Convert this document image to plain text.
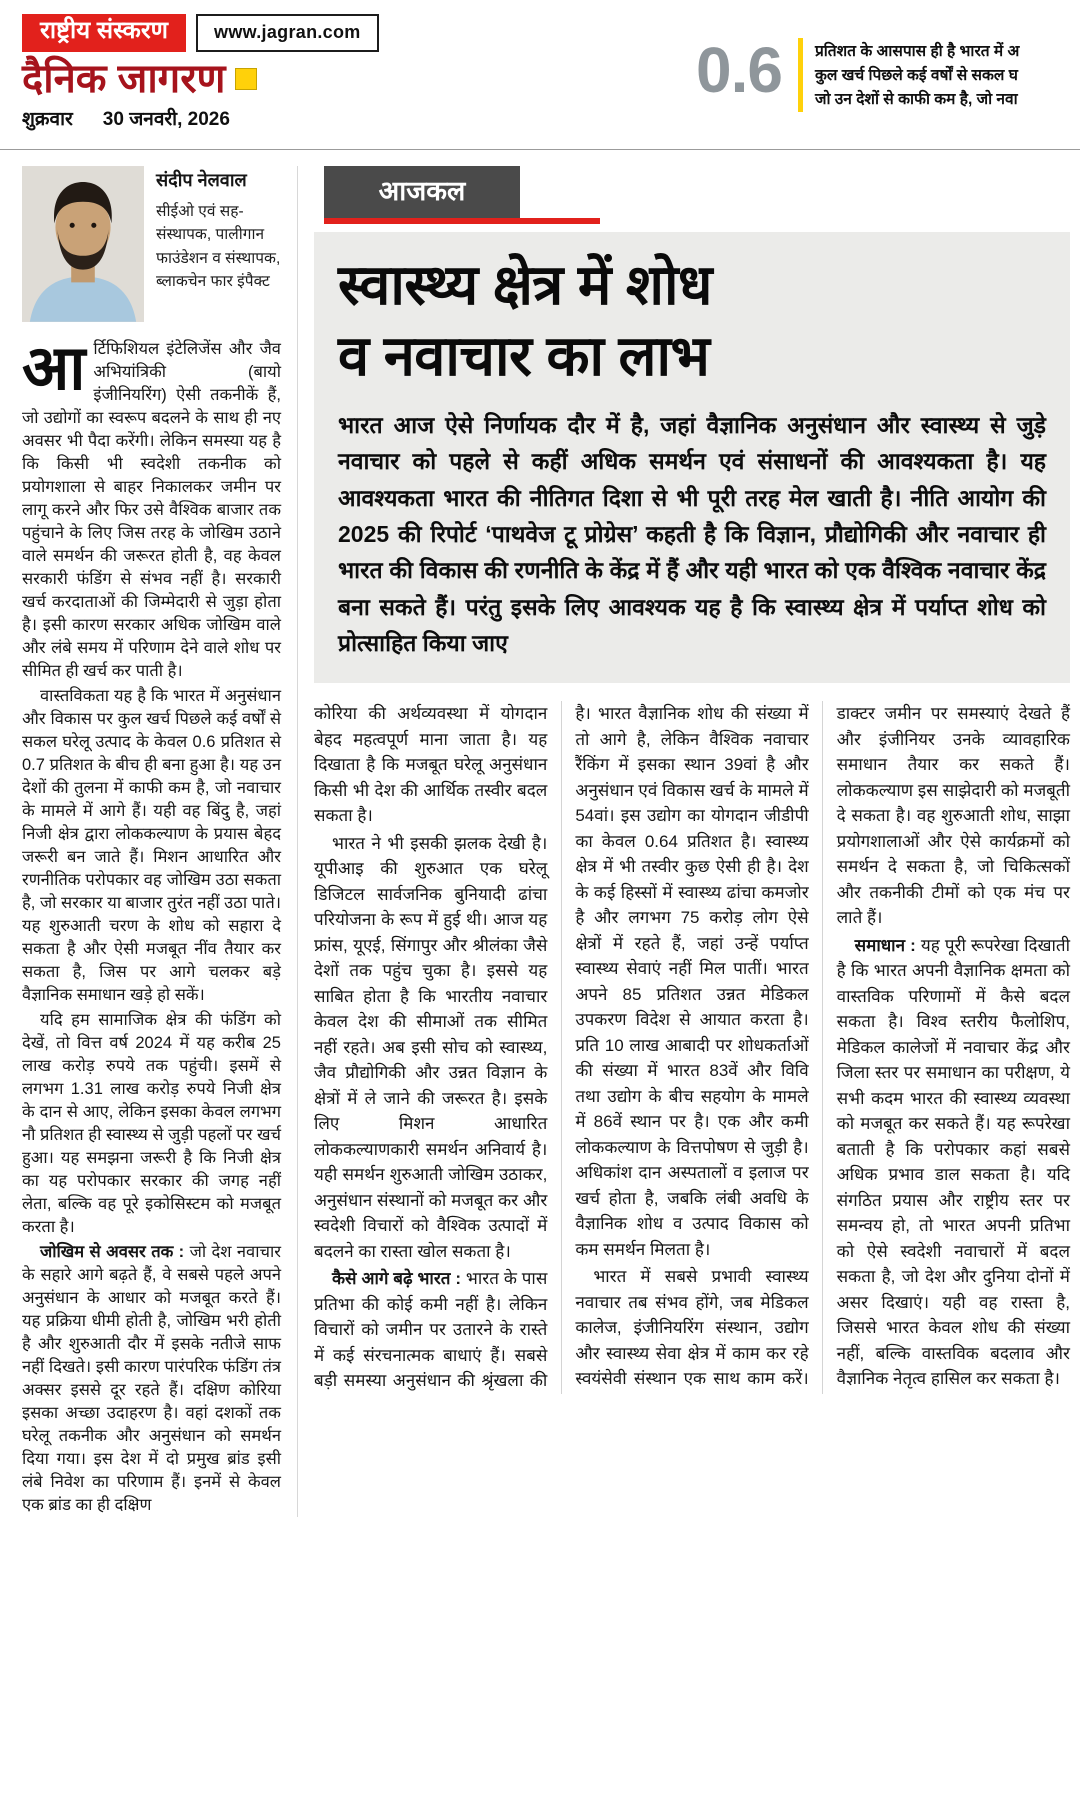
राष्ट्रीय संस्करण	www.jagran.com
दैनिक जागरण
शुक्रवार 30 जनवरी, 2026
0.6 प्रतिशत के आसपास ही है भारत में अ
कुल खर्च पिछले कई वर्षों से सकल घ
जो उन देशों से काफी कम है, जो नवा
संदीप नेलवाल
सीईओ एवं सह-संस्थापक, पालीगान फाउंडेशन व संस्थापक, ब्लाकचेन फार इंपैक्ट

आर्टिफिशियल इंटेलिजेंस और जैव अभियांत्रिकी (बायो इंजीनियरिंग) ऐसी तकनीकें हैं, जो उद्योगों का स्वरूप बदलने के साथ ही नए अवसर भी पैदा करेंगी। लेकिन समस्या यह है कि किसी भी स्वदेशी तकनीक को प्रयोगशाला से बाहर निकालकर जमीन पर लागू करने और फिर उसे वैश्विक बाजार तक पहुंचाने के लिए जिस तरह के जोखिम उठाने वाले समर्थन की जरूरत होती है, वह केवल सरकारी फंडिंग से संभव नहीं है। सरकारी खर्च करदाताओं की जिम्मेदारी से जुड़ा होता है। इसी कारण सरकार अधिक जोखिम वाले और लंबे समय में परिणाम देने वाले शोध पर सीमित ही खर्च कर पाती है।

वास्तविकता यह है कि भारत में अनुसंधान और विकास पर कुल खर्च पिछले कई वर्षों से सकल घरेलू उत्पाद के केवल 0.6 प्रतिशत से 0.7 प्रतिशत के बीच ही बना हुआ है। यह उन देशों की तुलना में काफी कम है, जो नवाचार के मामले में आगे हैं। यही वह बिंदु है, जहां निजी क्षेत्र द्वारा लोककल्याण के प्रयास बेहद जरूरी बन जाते हैं। मिशन आधारित और रणनीतिक परोपकार वह जोखिम उठा सकता है, जो सरकार या बाजार तुरंत नहीं उठा पाते। यह शुरुआती चरण के शोध को सहारा दे सकता है और ऐसी मजबूत नींव तैयार कर सकता है, जिस पर आगे चलकर बड़े वैज्ञानिक समाधान खड़े हो सकें।

यदि हम सामाजिक क्षेत्र की फंडिंग को देखें, तो वित्त वर्ष 2024 में यह करीब 25 लाख करोड़ रुपये तक पहुंची। इसमें से लगभग 1.31 लाख करोड़ रुपये निजी क्षेत्र के दान से आए, लेकिन इसका केवल लगभग नौ प्रतिशत ही स्वास्थ्य से जुड़ी पहलों पर खर्च हुआ। यह समझना जरूरी है कि निजी क्षेत्र का यह परोपकार सरकार की जगह नहीं लेता, बल्कि वह पूरे इकोसिस्टम को मजबूत करता है।

जोखिम से अवसर तक : जो देश नवाचार के सहारे आगे बढ़ते हैं, वे सबसे पहले अपने अनुसंधान के आधार को मजबूत करते हैं। यह प्रक्रिया धीमी होती है, जोखिम भरी होती है और शुरुआती दौर में इसके नतीजे साफ नहीं दिखते। इसी कारण पारंपरिक फंडिंग तंत्र अक्सर इससे दूर रहते हैं। दक्षिण कोरिया इसका अच्छा उदाहरण है। वहां दशकों तक घरेलू तकनीक और अनुसंधान को समर्थन दिया गया। इस देश में दो प्रमुख ब्रांड इसी लंबे निवेश का परिणाम हैं। इनमें से केवल एक ब्रांड का ही दक्षिण

आजकल
स्वास्थ्य क्षेत्र में शोध
व नवाचार का लाभ
भारत आज ऐसे निर्णायक दौर में है, जहां वैज्ञानिक अनुसंधान और स्वास्थ्य से जुड़े नवाचार को पहले से कहीं अधिक समर्थन एवं संसाधनों की आवश्यकता है। यह आवश्यकता भारत की नीतिगत दिशा से भी पूरी तरह मेल खाती है। नीति आयोग की 2025 की रिपोर्ट ‘पाथवेज टू प्रोग्रेस’ कहती है कि विज्ञान, प्रौद्योगिकी और नवाचार ही भारत की विकास की रणनीति के केंद्र में हैं और यही भारत को एक वैश्विक नवाचार केंद्र बना सकते हैं। परंतु इसके लिए आवश्यक यह है कि स्वास्थ्य क्षेत्र में पर्याप्त शोध को प्रोत्साहित किया जाए

कोरिया की अर्थव्यवस्था में योगदान बेहद महत्वपूर्ण माना जाता है। यह दिखाता है कि मजबूत घरेलू अनुसंधान किसी भी देश की आर्थिक तस्वीर बदल सकता है।

भारत ने भी इसकी झलक देखी है। यूपीआइ की शुरुआत एक घरेलू डिजिटल सार्वजनिक बुनियादी ढांचा परियोजना के रूप में हुई थी। आज यह फ्रांस, यूएई, सिंगापुर और श्रीलंका जैसे देशों तक पहुंच चुका है। इससे यह साबित होता है कि भारतीय नवाचार केवल देश की सीमाओं तक सीमित नहीं रहते। अब इसी सोच को स्वास्थ्य, जैव प्रौद्योगिकी और उन्नत विज्ञान के क्षेत्रों में ले जाने की जरूरत है। इसके लिए मिशन आधारित लोककल्याणकारी समर्थन अनिवार्य है। यही समर्थन शुरुआती जोखिम उठाकर, अनुसंधान संस्थानों को मजबूत कर और स्वदेशी विचारों को वैश्विक उत्पादों में बदलने का रास्ता खोल सकता है।

कैसे आगे बढ़े भारत : भारत के पास प्रतिभा की कोई कमी नहीं है। लेकिन विचारों को जमीन पर उतारने के रास्ते में कई संरचनात्मक बाधाएं हैं। सबसे बड़ी समस्या अनुसंधान की श्रृंखला की है। भारत वैज्ञानिक शोध की संख्या में तो आगे है, लेकिन वैश्विक नवाचार रैंकिंग में इसका स्थान 39वां है और अनुसंधान एवं विकास खर्च के मामले में 54वां। इस उद्योग का योगदान जीडीपी का केवल 0.64 प्रतिशत है। स्वास्थ्य क्षेत्र में भी तस्वीर कुछ ऐसी ही है। देश के कई हिस्सों में स्वास्थ्य ढांचा कमजोर है और लगभग 75 करोड़ लोग ऐसे क्षेत्रों में रहते हैं, जहां उन्हें पर्याप्त स्वास्थ्य सेवाएं नहीं मिल पातीं। भारत अपने 85 प्रतिशत उन्नत मेडिकल उपकरण विदेश से आयात करता है। प्रति 10 लाख आबादी पर शोधकर्ताओं की संख्या में भारत 83वें और विवि तथा उद्योग के बीच सहयोग के मामले में 86वें स्थान पर है। एक और कमी लोककल्याण के वित्तपोषण से जुड़ी है। अधिकांश दान अस्पतालों व इलाज पर खर्च होता है, जबकि लंबी अवधि के वैज्ञानिक शोध व उत्पाद विकास को कम समर्थन मिलता है।

भारत में सबसे प्रभावी स्वास्थ्य नवाचार तब संभव होंगे, जब मेडिकल कालेज, इंजीनियरिंग संस्थान, उद्योग और स्वास्थ्य सेवा क्षेत्र में काम कर रहे स्वयंसेवी संस्थान एक साथ काम करें। डाक्टर जमीन पर समस्याएं देखते हैं और इंजीनियर उनके व्यावहारिक समाधान तैयार कर सकते हैं। लोककल्याण इस साझेदारी को मजबूती दे सकता है। वह शुरुआती शोध, साझा प्रयोगशालाओं और ऐसे कार्यक्रमों को समर्थन दे सकता है, जो चिकित्सकों और तकनीकी टीमों को एक मंच पर लाते हैं।

समाधान : यह पूरी रूपरेखा दिखाती है कि भारत अपनी वैज्ञानिक क्षमता को वास्तविक परिणामों में कैसे बदल सकता है। विश्व स्तरीय फैलोशिप, मेडिकल कालेजों में नवाचार केंद्र और जिला स्तर पर समाधान का परीक्षण, ये सभी कदम भारत की स्वास्थ्य व्यवस्था को मजबूत कर सकते हैं। यह रूपरेखा बताती है कि परोपकार कहां सबसे अधिक प्रभाव डाल सकता है। यदि संगठित प्रयास और राष्ट्रीय स्तर पर समन्वय हो, तो भारत अपनी प्रतिभा को ऐसे स्वदेशी नवाचारों में बदल सकता है, जो देश और दुनिया दोनों में असर दिखाएं। यही वह रास्ता है, जिससे भारत केवल शोध की संख्या नहीं, बल्कि वास्तविक बदलाव और वैज्ञानिक नेतृत्व हासिल कर सकता है।
